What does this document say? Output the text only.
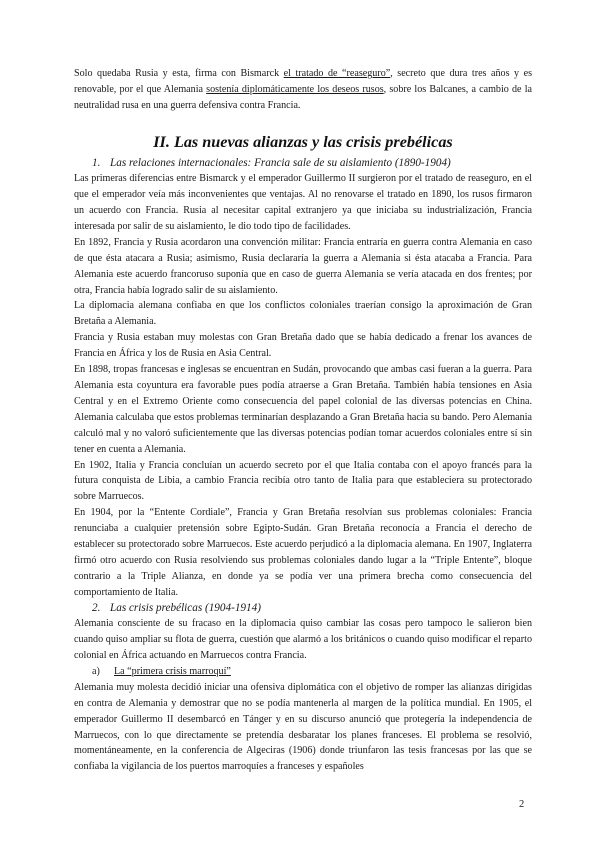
Solo quedaba Rusia y esta, firma con Bismarck el tratado de “reaseguro”, secreto que dura tres años y es renovable, por el que Alemania sostenía diplomáticamente los deseos rusos, sobre los Balcanes, a cambio de la neutralidad rusa en una guerra defensiva contra Francia.

II. Las nuevas alianzas y las crisis prebélicas
1. Las relaciones internacionales: Francia sale de su aislamiento (1890-1904)

Las primeras diferencias entre Bismarck y el emperador Guillermo II surgieron por el tratado de reaseguro, en el que el emperador veía más inconvenientes que ventajas. Al no renovarse el tratado en 1890, los rusos firmaron un acuerdo con Francia. Rusia al necesitar capital extranjero ya que iniciaba su industrialización, Francia interesada por salir de su aislamiento, le dio todo tipo de facilidades.

En 1892, Francia y Rusia acordaron una convención militar: Francia entraría en guerra contra Alemania en caso de que ésta atacara a Rusia; asimismo, Rusia declararía la guerra a Alemania si ésta atacaba a Francia. Para Alemania este acuerdo francoruso suponía que en caso de guerra Alemania se vería atacada en dos frentes; por otra, Francia había logrado salir de su aislamiento.

La diplomacia alemana confiaba en que los conflictos coloniales traerían consigo la aproximación de Gran Bretaña a Alemania.

Francia y Rusia estaban muy molestas con Gran Bretaña dado que se había dedicado a frenar los avances de Francia en África y los de Rusia en Asia Central.

En 1898, tropas francesas e inglesas se encuentran en Sudán, provocando que ambas casi fueran a la guerra. Para Alemania esta coyuntura era favorable pues podía atraerse a Gran Bretaña. También había tensiones en Asia Central y en el Extremo Oriente como consecuencia del papel colonial de las diversas potencias en China. Alemania calculaba que estos problemas terminarían desplazando a Gran Bretaña hacia su bando. Pero Alemania calculó mal y no valoró suficientemente que las diversas potencias podían tomar acuerdos coloniales entre sí sin tener en cuenta a Alemania.

En 1902, Italia y Francia concluían un acuerdo secreto por el que Italia contaba con el apoyo francés para la futura conquista de Libia, a cambio Francia recibía otro tanto de Italia para que estableciera su protectorado sobre Marruecos.

En 1904, por la “Entente Cordiale”, Francia y Gran Bretaña resolvían sus problemas coloniales: Francia renunciaba a cualquier pretensión sobre Egipto-Sudán. Gran Bretaña reconocía a Francia el derecho de establecer su protectorado sobre Marruecos. Este acuerdo perjudicó a la diplomacia alemana. En 1907, Inglaterra firmó otro acuerdo con Rusia resolviendo sus problemas coloniales dando lugar a la “Triple Entente”, bloque contrario a la Triple Alianza, en donde ya se podía ver una primera brecha como consecuencia del comportamiento de Italia.

2. Las crisis prebélicas (1904-1914)

Alemania consciente de su fracaso en la diplomacia quiso cambiar las cosas pero tampoco le salieron bien cuando quiso ampliar su flota de guerra, cuestión que alarmó a los británicos o cuando quiso modificar el reparto colonial en África actuando en Marruecos contra Francia.

a) La “primera crisis marroquí”

Alemania muy molesta decidió iniciar una ofensiva diplomática con el objetivo de romper las alianzas dirigidas en contra de Alemania y demostrar que no se podía mantenerla al margen de la política mundial. En 1905, el emperador Guillermo II desembarcó en Tánger y en su discurso anunció que protegería la independencia de Marruecos, con lo que directamente se pretendía desbaratar los planes franceses. El problema se resolvió, momentáneamente, en la conferencia de Algeciras (1906) donde triunfaron las tesis francesas por las que se confiaba la vigilancia de los puertos marroquíes a franceses y españoles

2
